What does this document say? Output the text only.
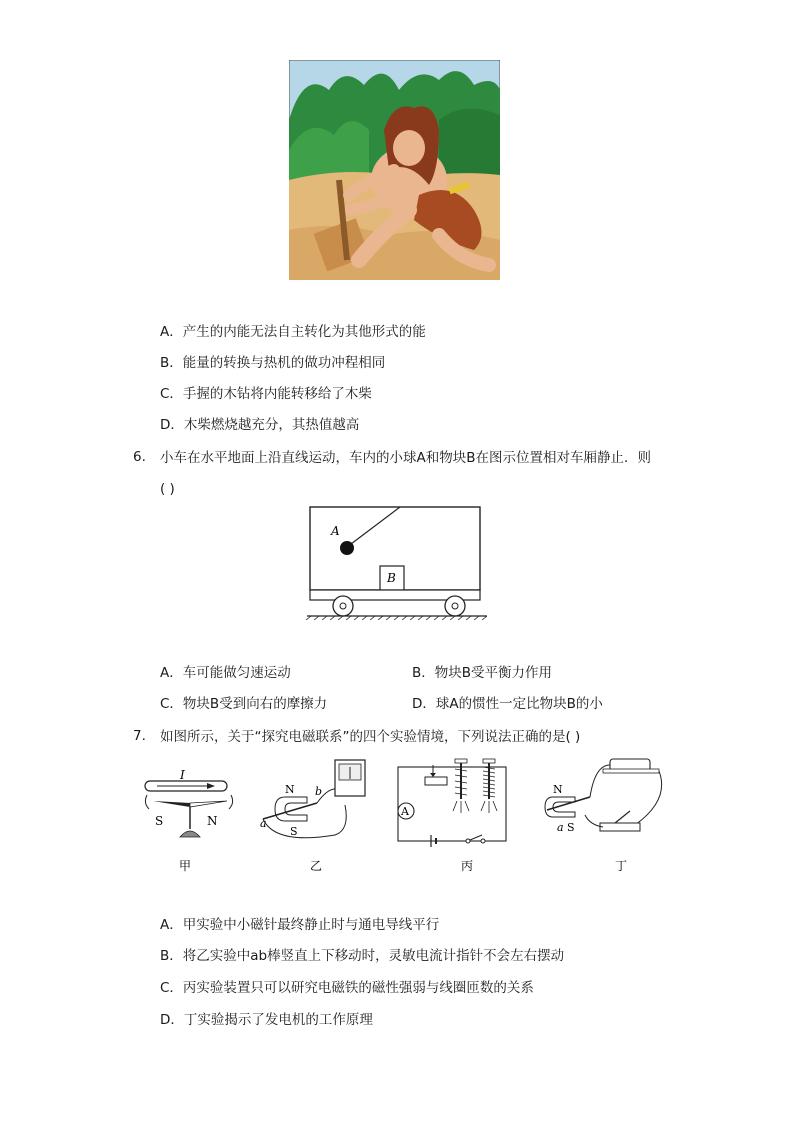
A．产生的内能无法自主转化为其他形式的能
B．能量的转换与热机的做功冲程相同
C．手握的木钻将内能转移给了木柴
D．木柴燃烧越充分，其热值越高
6. 小车在水平地面上沿直线运动，车内的小球A和物块B在图示位置相对车厢静止．则
( )
A
B
A．车可能做匀速运动	B．物块B受平衡力作用
C．物块B受到向右的摩擦力	D．球A的惯性一定比物块B的小
7. 如图所示，关于“探究电磁联系”的四个实验情境，下列说法正确的是( )
I
S	N
甲
N
S
a
b
乙
A
丙
N
S
a
丁
A．甲实验中小磁针最终静止时与通电导线平行
B．将乙实验中ab棒竖直上下移动时，灵敏电流计指针不会左右摆动
C．丙实验装置只可以研究电磁铁的磁性强弱与线圈匝数的关系
D．丁实验揭示了发电机的工作原理
